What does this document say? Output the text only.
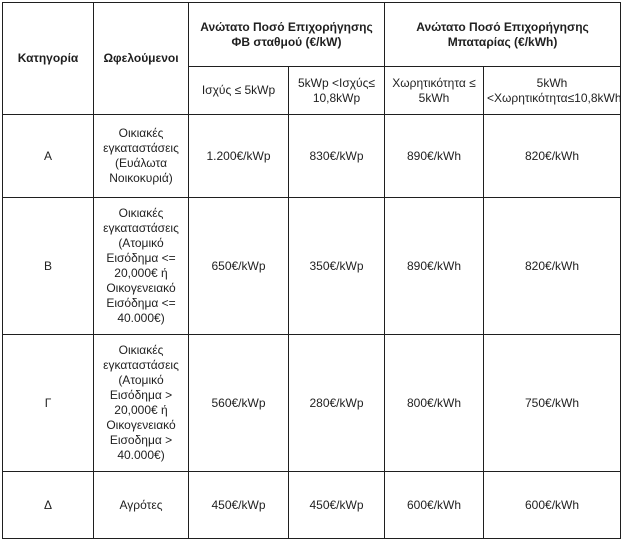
Κατηγορία	Ωφελούμενοι	Ανώτατο Ποσό Επιχορήγησης ΦΒ σταθμού (€/kW)		Ανώτατο Ποσό Επιχορήγησης Μπαταρίας (€/kWh)	
		Ισχύς ≤ 5kWp	5kWp <Ισχύς≤ 10,8kWp	Χωρητικότητα ≤ 5kWh	5kWh <Χωρητικότητα≤10,8kWh
Α	Οικιακές εγκαταστάσεις (Ευάλωτα Νοικοκυριά)	1.200€/kWp	830€/kWp	890€/kWh	820€/kWh
Β	Οικιακές εγκαταστάσεις (Ατομικό Εισόδημα <= 20,000€ ή Οικογενειακό Εισόδημα <= 40.000€)	650€/kWp	350€/kWp	890€/kWh	820€/kWh
Γ	Οικιακές εγκαταστάσεις (Ατομικό Εισόδημα > 20,000€ ή Οικογενειακό Εισοδημα > 40.000€)	560€/kWp	280€/kWp	800€/kWh	750€/kWh
Δ	Αγρότες	450€/kWp	450€/kWp	600€/kWh	600€/kWh
